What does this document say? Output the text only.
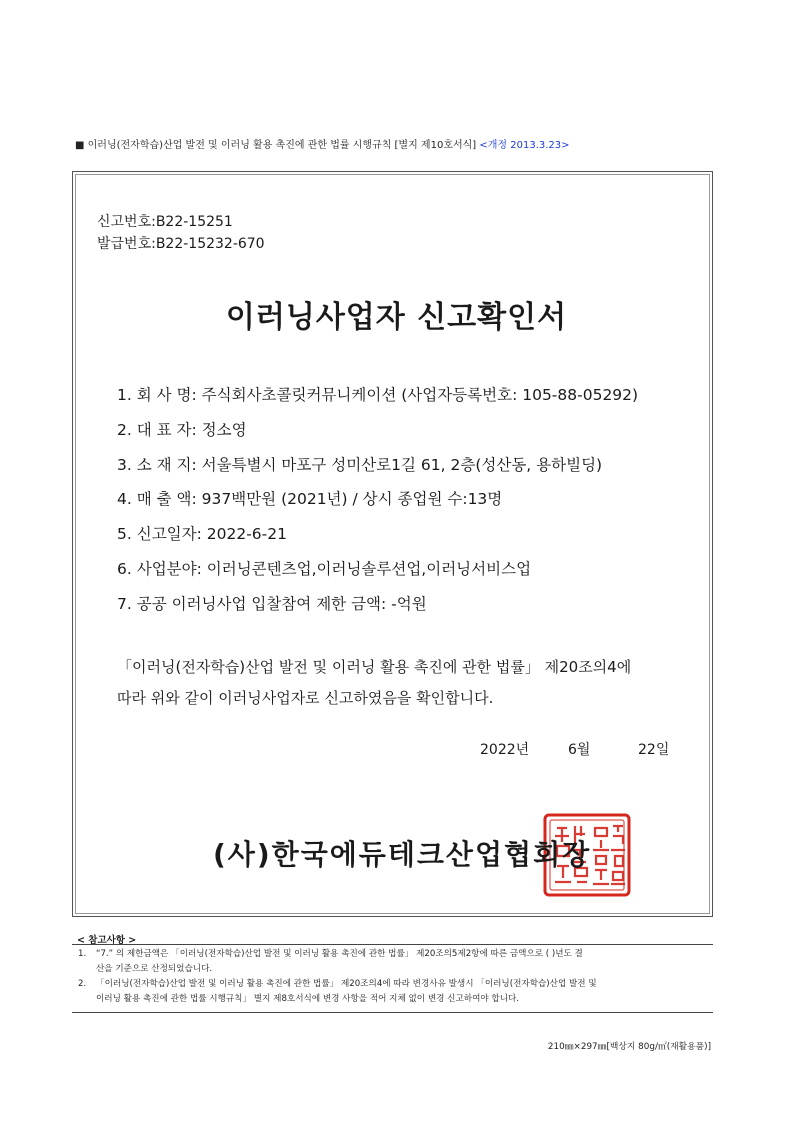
■ 이러닝(전자학습)산업 발전 및 이러닝 활용 촉진에 관한 법률 시행규칙 [별지 제10호서식] <개정 2013.3.23>
신고번호:B22-15251
발급번호:B22-15232-670
이러닝사업자 신고확인서
1. 회 사 명: 주식회사초콜릿커뮤니케이션 (사업자등록번호: 105-88-05292)
2. 대 표 자: 정소영
3. 소 재 지: 서울특별시 마포구 성미산로1길 61, 2층(성산동, 용하빌딩)
4. 매 출 액: 937백만원 (2021년) / 상시 종업원 수:13명
5. 신고일자: 2022-6-21
6. 사업분야: 이러닝콘텐츠업,이러닝솔루션업,이러닝서비스업
7. 공공 이러닝사업 입찰참여 제한 금액: -억원
「이러닝(전자학습)산업 발전 및 이러닝 활용 촉진에 관한 법률」 제20조의4에
따라 위와 같이 이러닝사업자로 신고하였음을 확인합니다.
2022년	6월	22일
(사)한국에듀테크산업협회장
< 참고사항 >
1. “7.” 의 제한금액은 「이러닝(전자학습)산업 발전 및 이러닝 활용 촉진에 관한 법률」 제20조의5제2항에 따른 금액으로 ( )년도 결
산을 기준으로 산정되었습니다.
2. 「이러닝(전자학습)산업 발전 및 이러닝 활용 촉진에 관한 법률」 제20조의4에 따라 변경사유 발생시 「이러닝(전자학습)산업 발전 및
이러닝 활용 촉진에 관한 법률 시행규칙」 별지 제8호서식에 변경 사항을 적어 지체 없이 변경 신고하여야 합니다.
210㎜×297㎜[백상지 80g/㎡(재활용품)]
